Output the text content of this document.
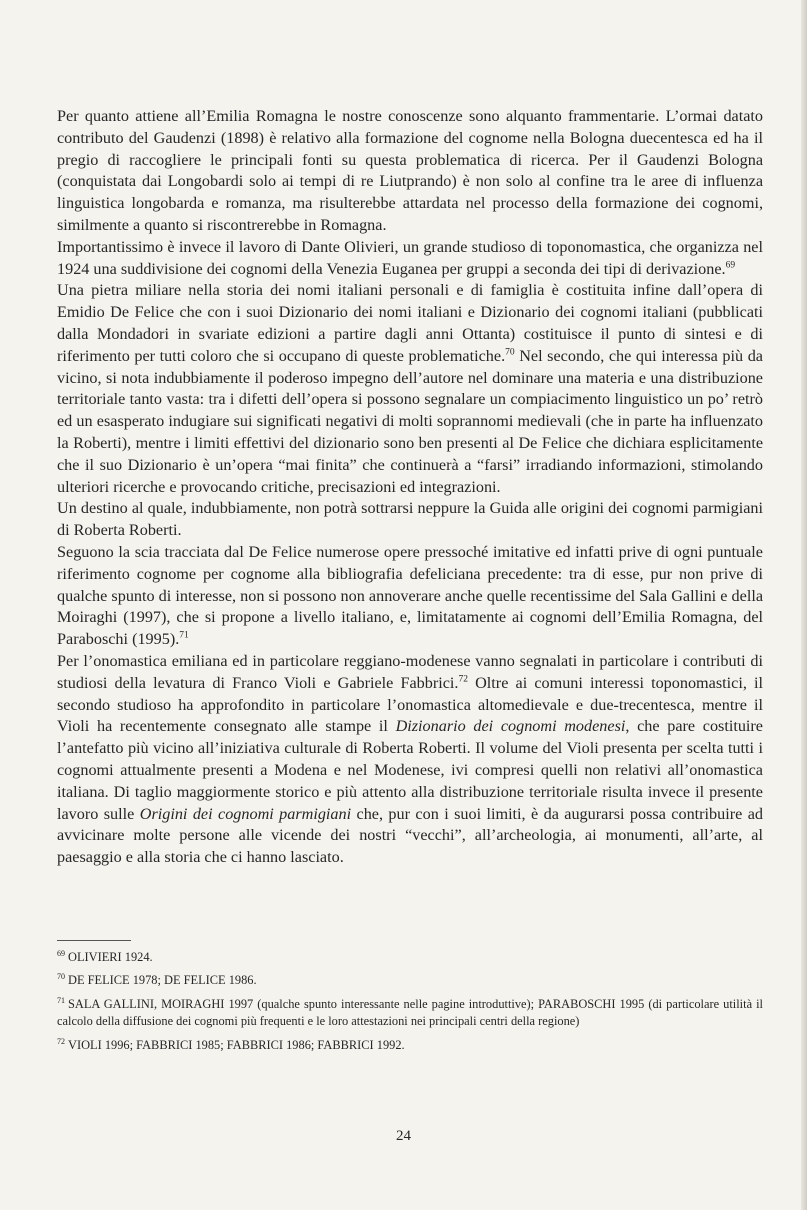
Per quanto attiene all’Emilia Romagna le nostre conoscenze sono alquanto frammentarie. L’ormai datato contributo del Gaudenzi (1898) è relativo alla formazione del cognome nella Bologna duecentesca ed ha il pregio di raccogliere le principali fonti su questa problematica di ricerca. Per il Gaudenzi Bologna (conquistata dai Longobardi solo ai tempi di re Liutprando) è non solo al confine tra le aree di influenza linguistica longobarda e romanza, ma risulterebbe attardata nel processo della formazione dei cognomi, similmente a quanto si riscontrerebbe in Romagna.

Importantissimo è invece il lavoro di Dante Olivieri, un grande studioso di toponomastica, che organizza nel 1924 una suddivisione dei cognomi della Venezia Euganea per gruppi a seconda dei tipi di derivazione.$^{69}$

Una pietra miliare nella storia dei nomi italiani personali e di famiglia è costituita infine dall’opera di Emidio De Felice che con i suoi Dizionario dei nomi italiani e Dizionario dei cognomi italiani (pubblicati dalla Mondadori in svariate edizioni a partire dagli anni Ottanta) costituisce il punto di sintesi e di riferimento per tutti coloro che si occupano di queste problematiche.$^{70}$ Nel secondo, che qui interessa più da vicino, si nota indubbiamente il poderoso impegno dell’autore nel dominare una materia e una distribuzione territoriale tanto vasta: tra i difetti dell’opera si possono segnalare un compiacimento linguistico un po’ retrò ed un esasperato indugiare sui significati negativi di molti soprannomi medievali (che in parte ha influenzato la Roberti), mentre i limiti effettivi del dizionario sono ben presenti al De Felice che dichiara esplicitamente che il suo Dizionario è un’opera “mai finita” che continuerà a “farsi” irradiando informazioni, stimolando ulteriori ricerche e provocando critiche, precisazioni ed integrazioni.

Un destino al quale, indubbiamente, non potrà sottrarsi neppure la Guida alle origini dei cognomi parmigiani di Roberta Roberti.

Seguono la scia tracciata dal De Felice numerose opere pressoché imitative ed infatti prive di ogni puntuale riferimento cognome per cognome alla bibliografia defeliciana precedente: tra di esse, pur non prive di qualche spunto di interesse, non si possono non annoverare anche quelle recentissime del Sala Gallini e della Moiraghi (1997), che si propone a livello italiano, e, limitatamente ai cognomi dell’Emilia Romagna, del Paraboschi (1995).$^{71}$

Per l’onomastica emiliana ed in particolare reggiano-modenese vanno segnalati in particolare i contributi di studiosi della levatura di Franco Violi e Gabriele Fabbrici.$^{72}$ Oltre ai comuni interessi toponomastici, il secondo studioso ha approfondito in particolare l’onomastica altomedievale e due-trecentesca, mentre il Violi ha recentemente consegnato alle stampe il Dizionario dei cognomi modenesi, che pare costituire l’antefatto più vicino all’iniziativa culturale di Roberta Roberti. Il volume del Violi presenta per scelta tutti i cognomi attualmente presenti a Modena e nel Modenese, ivi compresi quelli non relativi all’onomastica italiana. Di taglio maggiormente storico e più attento alla distribuzione territoriale risulta invece il presente lavoro sulle Origini dei cognomi parmigiani che, pur con i suoi limiti, è da augurarsi possa contribuire ad avvicinare molte persone alle vicende dei nostri “vecchi”, all’archeologia, ai monumenti, all’arte, al paesaggio e alla storia che ci hanno lasciato.

$^{69}$ OLIVIERI 1924.

$^{70}$ DE FELICE 1978; DE FELICE 1986.

$^{71}$ SALA GALLINI, MOIRAGHI 1997 (qualche spunto interessante nelle pagine introduttive); PARABOSCHI 1995 (di particolare utilità il calcolo della diffusione dei cognomi più frequenti e le loro attestazioni nei principali centri della regione)

$^{72}$ VIOLI 1996; FABBRICI 1985; FABBRICI 1986; FABBRICI 1992.

24
